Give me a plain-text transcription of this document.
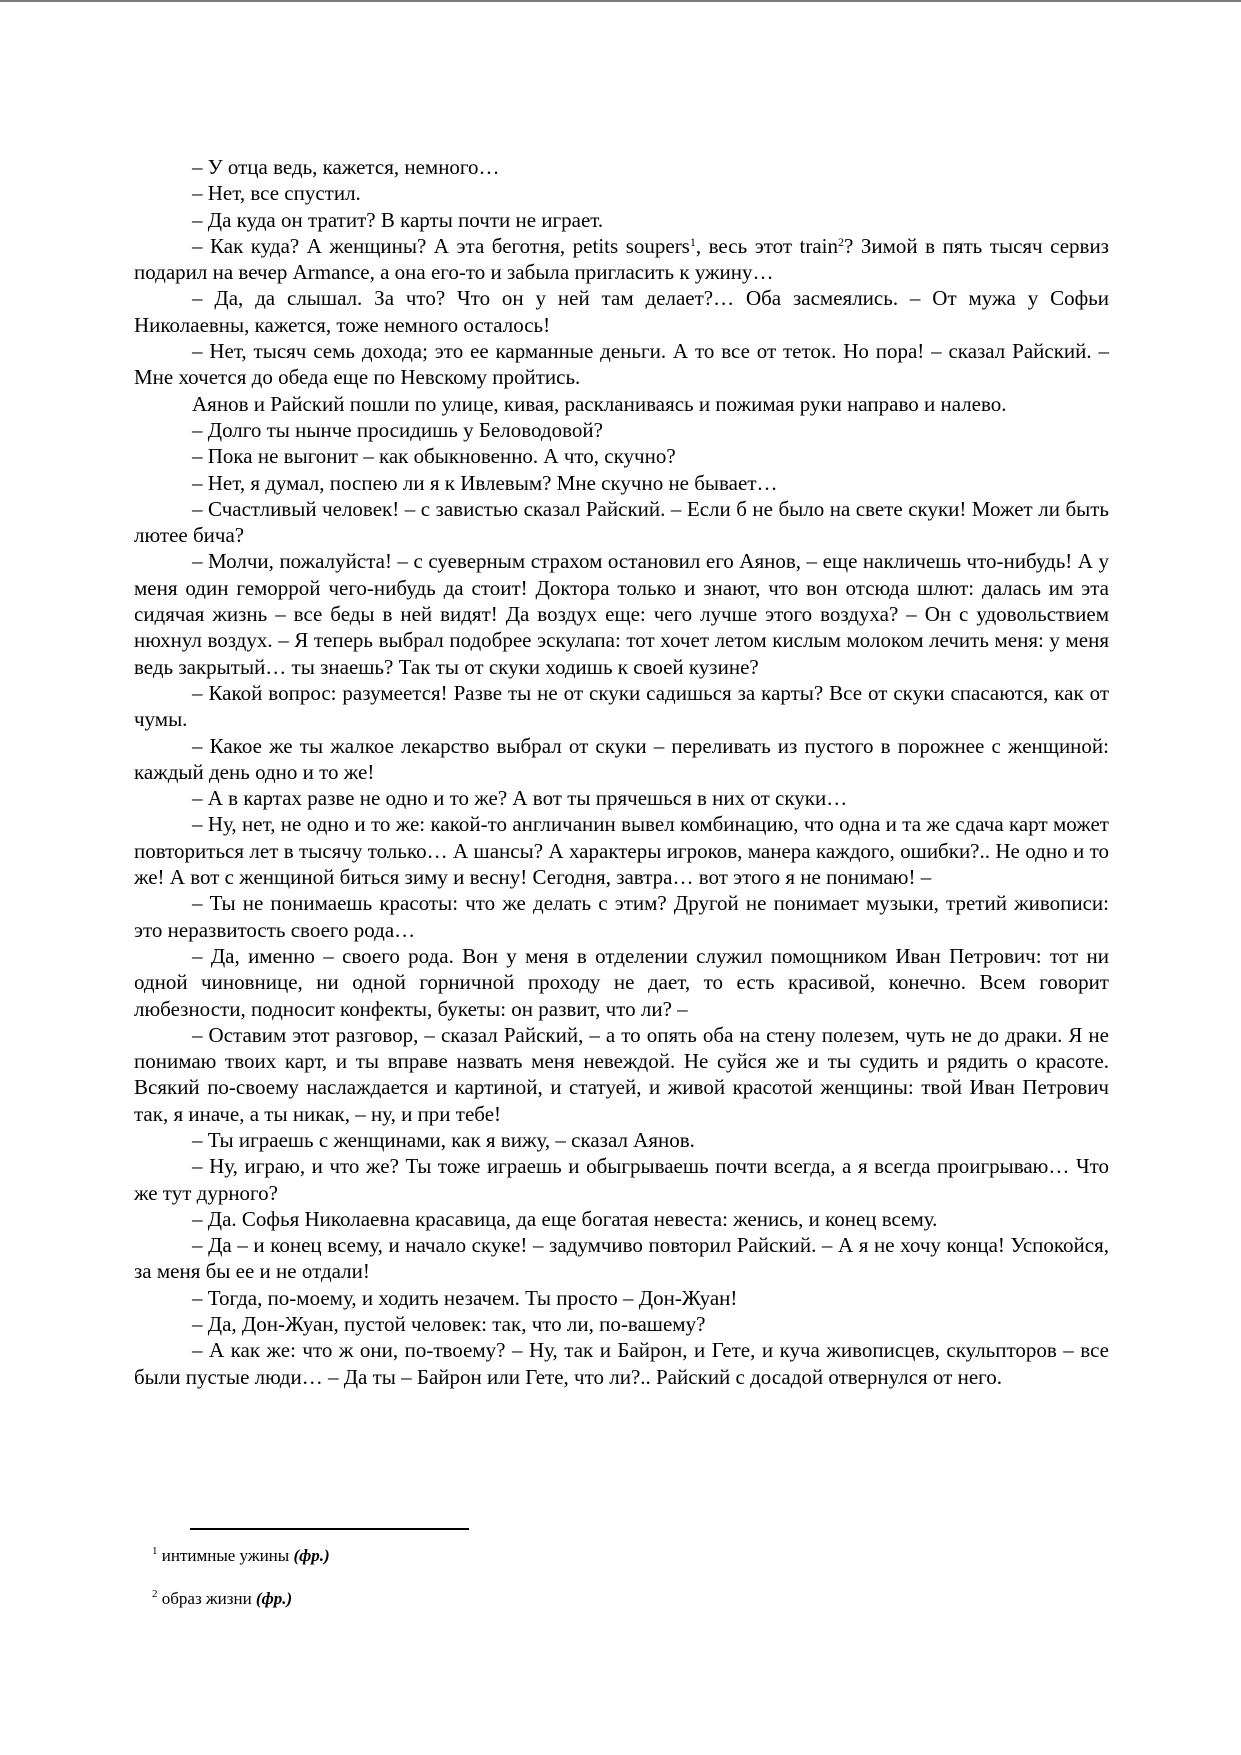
– У отца ведь, кажется, немного…

– Нет, все спустил.

– Да куда он тратит? В карты почти не играет.

– Как куда? А женщины? А эта беготня, petits soupers$^1$, весь этот train$^2$? Зимой в пять тысяч сервиз подарил на вечер Armance, а она его-то и забыла пригласить к ужину…

– Да, да слышал. За что? Что он у ней там делает?… Оба засмеялись. – От мужа у Софьи Николаевны, кажется, тоже немного осталось!

– Нет, тысяч семь дохода; это ее карманные деньги. А то все от теток. Но пора! – сказал Райский. – Мне хочется до обеда еще по Невскому пройтись.

Аянов и Райский пошли по улице, кивая, раскланиваясь и пожимая руки направо и налево.

– Долго ты нынче просидишь у Беловодовой?

– Пока не выгонит – как обыкновенно. А что, скучно?

– Нет, я думал, поспею ли я к Ивлевым? Мне скучно не бывает…

– Счастливый человек! – с завистью сказал Райский. – Если б не было на свете скуки! Может ли быть лютее бича?

– Молчи, пожалуйста! – с суеверным страхом остановил его Аянов, – еще накличешь что-нибудь! А у меня один геморрой чего-нибудь да стоит! Доктора только и знают, что вон отсюда шлют: далась им эта сидячая жизнь – все беды в ней видят! Да воздух еще: чего лучше этого воздуха? – Он с удовольствием нюхнул воздух. – Я теперь выбрал подобрее эскулапа: тот хочет летом кислым молоком лечить меня: у меня ведь закрытый… ты знаешь? Так ты от скуки ходишь к своей кузине?

– Какой вопрос: разумеется! Разве ты не от скуки садишься за карты? Все от скуки спасаются, как от чумы.

– Какое же ты жалкое лекарство выбрал от скуки – переливать из пустого в порожнее с женщиной: каждый день одно и то же!

– А в картах разве не одно и то же? А вот ты прячешься в них от скуки…

– Ну, нет, не одно и то же: какой-то англичанин вывел комбинацию, что одна и та же сдача карт может повториться лет в тысячу только… А шансы? А характеры игроков, манера каждого, ошибки?.. Не одно и то же! А вот с женщиной биться зиму и весну! Сегодня, завтра… вот этого я не понимаю! –

– Ты не понимаешь красоты: что же делать с этим? Другой не понимает музыки, третий живописи: это неразвитость своего рода…

– Да, именно – своего рода. Вон у меня в отделении служил помощником Иван Петрович: тот ни одной чиновнице, ни одной горничной проходу не дает, то есть красивой, конечно. Всем говорит любезности, подносит конфекты, букеты: он развит, что ли? –

– Оставим этот разговор, – сказал Райский, – а то опять оба на стену полезем, чуть не до драки. Я не понимаю твоих карт, и ты вправе назвать меня невеждой. Не суйся же и ты судить и рядить о красоте. Всякий по-своему наслаждается и картиной, и статуей, и живой красотой женщины: твой Иван Петрович так, я иначе, а ты никак, – ну, и при тебе!

– Ты играешь с женщинами, как я вижу, – сказал Аянов.

– Ну, играю, и что же? Ты тоже играешь и обыгрываешь почти всегда, а я всегда проигрываю… Что же тут дурного?

– Да. Софья Николаевна красавица, да еще богатая невеста: женись, и конец всему.

– Да – и конец всему, и начало скуке! – задумчиво повторил Райский. – А я не хочу конца! Успокойся, за меня бы ее и не отдали!

– Тогда, по-моему, и ходить незачем. Ты просто – Дон-Жуан!

– Да, Дон-Жуан, пустой человек: так, что ли, по-вашему?

– А как же: что ж они, по-твоему? – Ну, так и Байрон, и Гете, и куча живописцев, скульпторов – все были пустые люди… – Да ты – Байрон или Гете, что ли?.. Райский с досадой отвернулся от него.

$^1$ интимные ужины (фр.)
$^2$ образ жизни (фр.)
